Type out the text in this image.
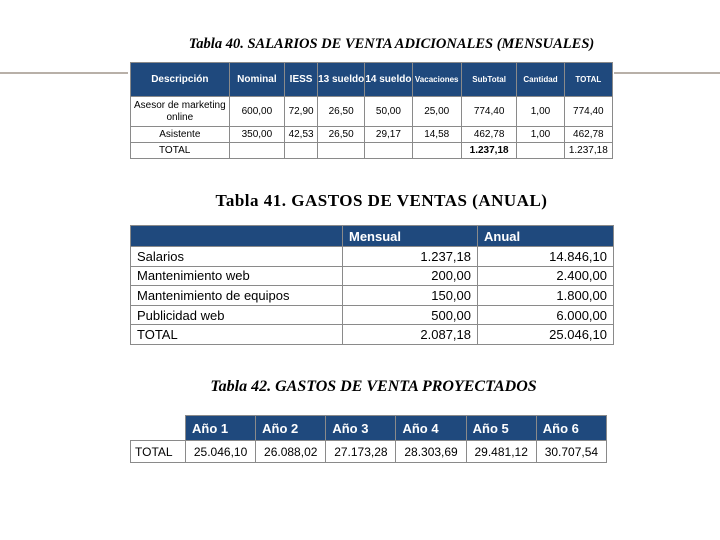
Tabla 40. SALARIOS DE VENTA ADICIONALES (MENSUALES)
Descripción	Nominal	IESS	13 sueldo	14 sueldo	Vacaciones	SubTotal	Cantidad	TOTAL
Asesor de marketing online	600,00	72,90	26,50	50,00	25,00	774,40	1,00	774,40
Asistente	350,00	42,53	26,50	29,17	14,58	462,78	1,00	462,78
TOTAL						1.237,18		1.237,18
Tabla 41. GASTOS DE VENTAS (ANUAL)
	Mensual	Anual
Salarios	1.237,18	14.846,10
Mantenimiento web	200,00	2.400,00
Mantenimiento de equipos	150,00	1.800,00
Publicidad web	500,00	6.000,00
TOTAL	2.087,18	25.046,10
Tabla 42. GASTOS DE VENTA PROYECTADOS
	Año 1	Año 2	Año 3	Año 4	Año 5	Año 6
TOTAL	25.046,10	26.088,02	27.173,28	28.303,69	29.481,12	30.707,54
